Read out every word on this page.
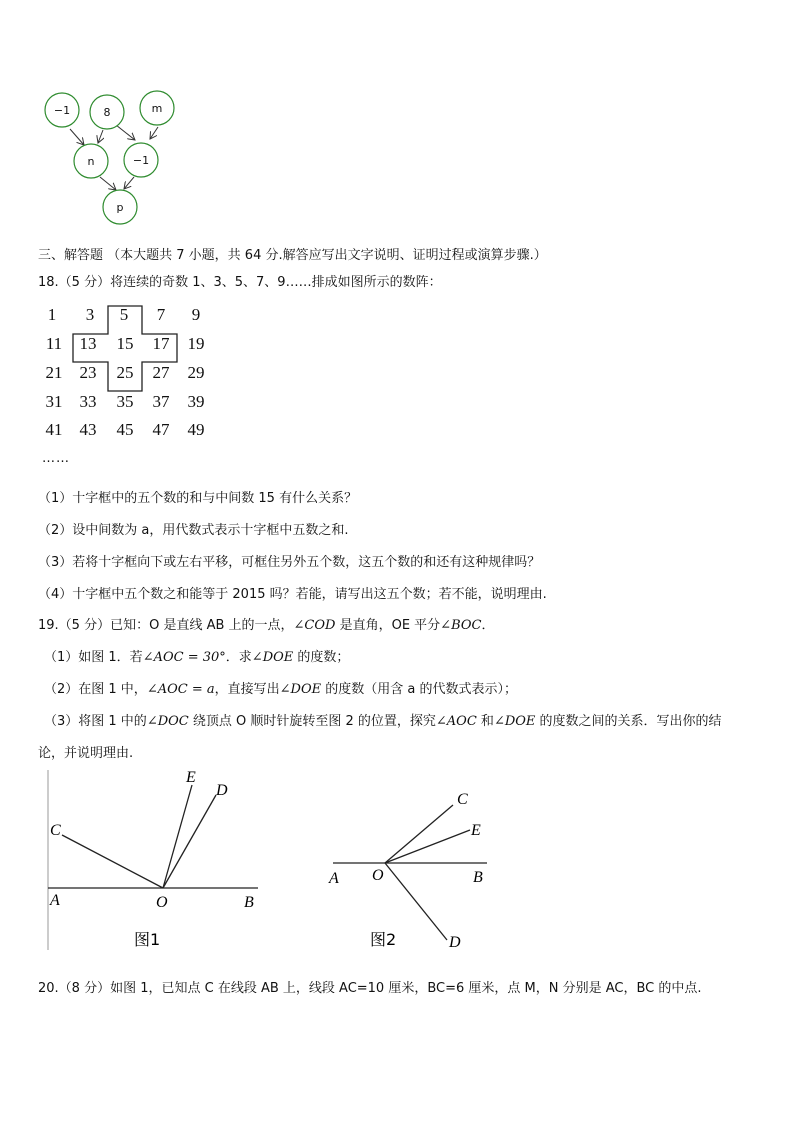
−1	8	m
n	−1
p
三、解答题 （本大题共 7 小题，共 64 分.解答应写出文字说明、证明过程或演算步骤.）
18.（5 分）将连续的奇数 1、3、5、7、9……排成如图所示的数阵：
1	3	5	7	9
11	13	15	17	19
21	23	25	27	29
31	33	35	37	39
41	43	45	47	49
……
（1）十字框中的五个数的和与中间数 15 有什么关系？
（2）设中间数为 a，用代数式表示十字框中五数之和.
（3）若将十字框向下或左右平移，可框住另外五个数，这五个数的和还有这种规律吗？
（4）十字框中五个数之和能等于 2015 吗？若能，请写出这五个数；若不能，说明理由.
19.（5 分）已知：O 是直线 AB 上的一点，∠COD 是直角，OE 平分∠BOC．
（1）如图 1．若∠AOC = 30°．求∠DOE 的度数；
（2）在图 1 中，∠AOC = a，直接写出∠DOE 的度数（用含 a 的代数式表示）；
（3）将图 1 中的∠DOC 绕顶点 O 顺时针旋转至图 2 的位置，探究∠AOC 和∠DOE 的度数之间的关系．写出你的结
论，并说明理由.
C
E
D
A	O	B
图1
C
E
A O	B
D
图2
20.（8 分）如图 1，已知点 C 在线段 AB 上，线段 AC=10 厘米，BC=6 厘米，点 M，N 分别是 AC，BC 的中点.
